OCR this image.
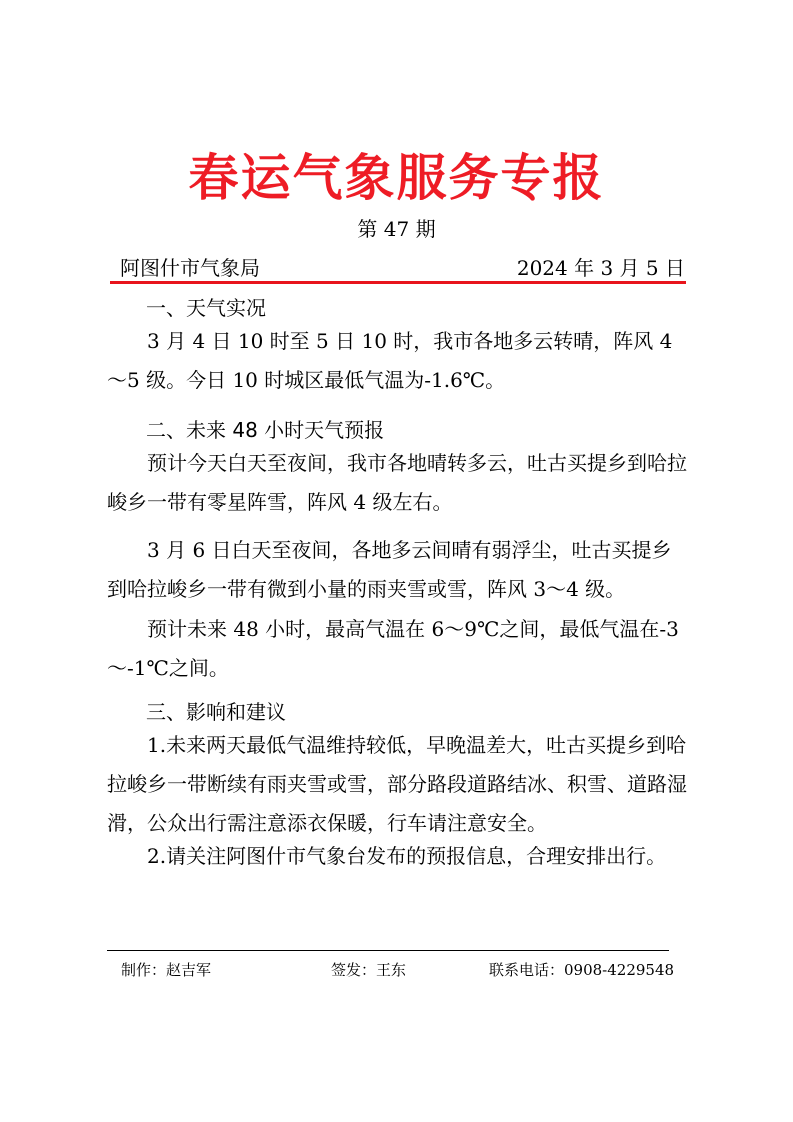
春运气象服务专报
第 47 期
阿图什市气象局	2024 年 3 月 5 日
一、天气实况

3 月 4 日 10 时至 5 日 10 时，我市各地多云转晴，阵风 4～5 级。今日 10 时城区最低气温为-1.6℃。

二、未来 48 小时天气预报

预计今天白天至夜间，我市各地晴转多云，吐古买提乡到哈拉峻乡一带有零星阵雪，阵风 4 级左右。

3 月 6 日白天至夜间，各地多云间晴有弱浮尘，吐古买提乡到哈拉峻乡一带有微到小量的雨夹雪或雪，阵风 3～4 级。

预计未来 48 小时，最高气温在 6～9℃之间，最低气温在-3～-1℃之间。

三、影响和建议

1.未来两天最低气温维持较低，早晚温差大，吐古买提乡到哈拉峻乡一带断续有雨夹雪或雪，部分路段道路结冰、积雪、道路湿滑，公众出行需注意添衣保暖，行车请注意安全。

2.请关注阿图什市气象台发布的预报信息，合理安排出行。

制作：赵吉军	签发：王东	联系电话：0908-4229548
